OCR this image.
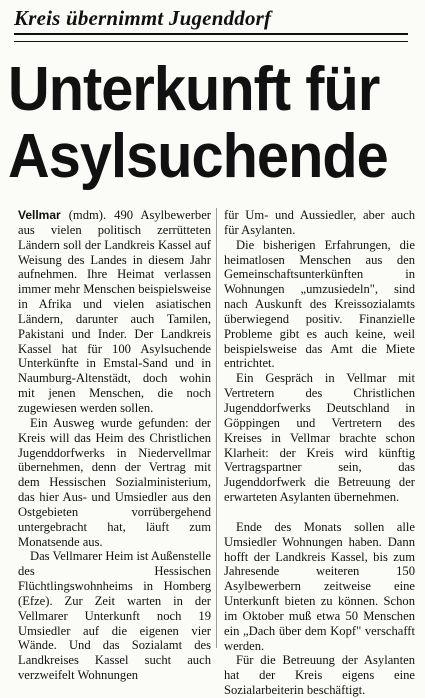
Kreis übernimmt Jugenddorf
Unterkunft für
Asylsuchende

Vellmar (mdm). 490 Asylbewerber aus vielen politisch zerrütteten Ländern soll der Landkreis Kassel auf Weisung des Landes in diesem Jahr aufnehmen. Ihre Heimat verlassen immer mehr Menschen beispielsweise in Afrika und vielen asiatischen Ländern, darunter auch Tamilen, Pakistani und Inder. Der Landkreis Kassel hat für 100 Asylsuchende Unterkünfte in Emstal-Sand und in Naumburg-Altenstädt, doch wohin mit jenen Menschen, die noch zugewiesen werden sollen.

Ein Ausweg wurde gefunden: der Kreis will das Heim des Christlichen Jugenddorfwerks in Niedervellmar übernehmen, denn der Vertrag mit dem Hessischen Sozialministerium, das hier Aus- und Umsiedler aus den Ostgebieten vorrübergehend untergebracht hat, läuft zum Monatsende aus.

Das Vellmarer Heim ist Außenstelle des Hessischen Flüchtlingswohnheims in Homberg (Efze). Zur Zeit warten in der Vellmarer Unterkunft noch 19 Umsiedler auf die eigenen vier Wände. Und das Sozialamt des Landkreises Kassel sucht auch verzweifelt Wohnungen

für Um- und Aussiedler, aber auch für Asylanten.

Die bisherigen Erfahrungen, die heimatlosen Menschen aus den Gemeinschaftsunterkünften in Wohnungen „umzusiedeln", sind nach Auskunft des Kreissozialamts überwiegend positiv. Finanzielle Probleme gibt es auch keine, weil beispielsweise das Amt die Miete entrichtet.

Ein Gespräch in Vellmar mit Vertretern des Christlichen Jugenddorfwerks Deutschland in Göppingen und Vertretern des Kreises in Vellmar brachte schon Klarheit: der Kreis wird künftig Vertragspartner sein, das Jugenddorfwerk die Betreuung der erwarteten Asylanten übernehmen.

Ende des Monats sollen alle Umsiedler Wohnungen haben. Dann hofft der Landkreis Kassel, bis zum Jahresende weiteren 150 Asylbewerbern zeitweise eine Unterkunft bieten zu können. Schon im Oktober muß etwa 50 Menschen ein „Dach über dem Kopf" verschafft werden.

Für die Betreuung der Asylanten hat der Kreis eigens eine Sozialarbeiterin beschäftigt.
